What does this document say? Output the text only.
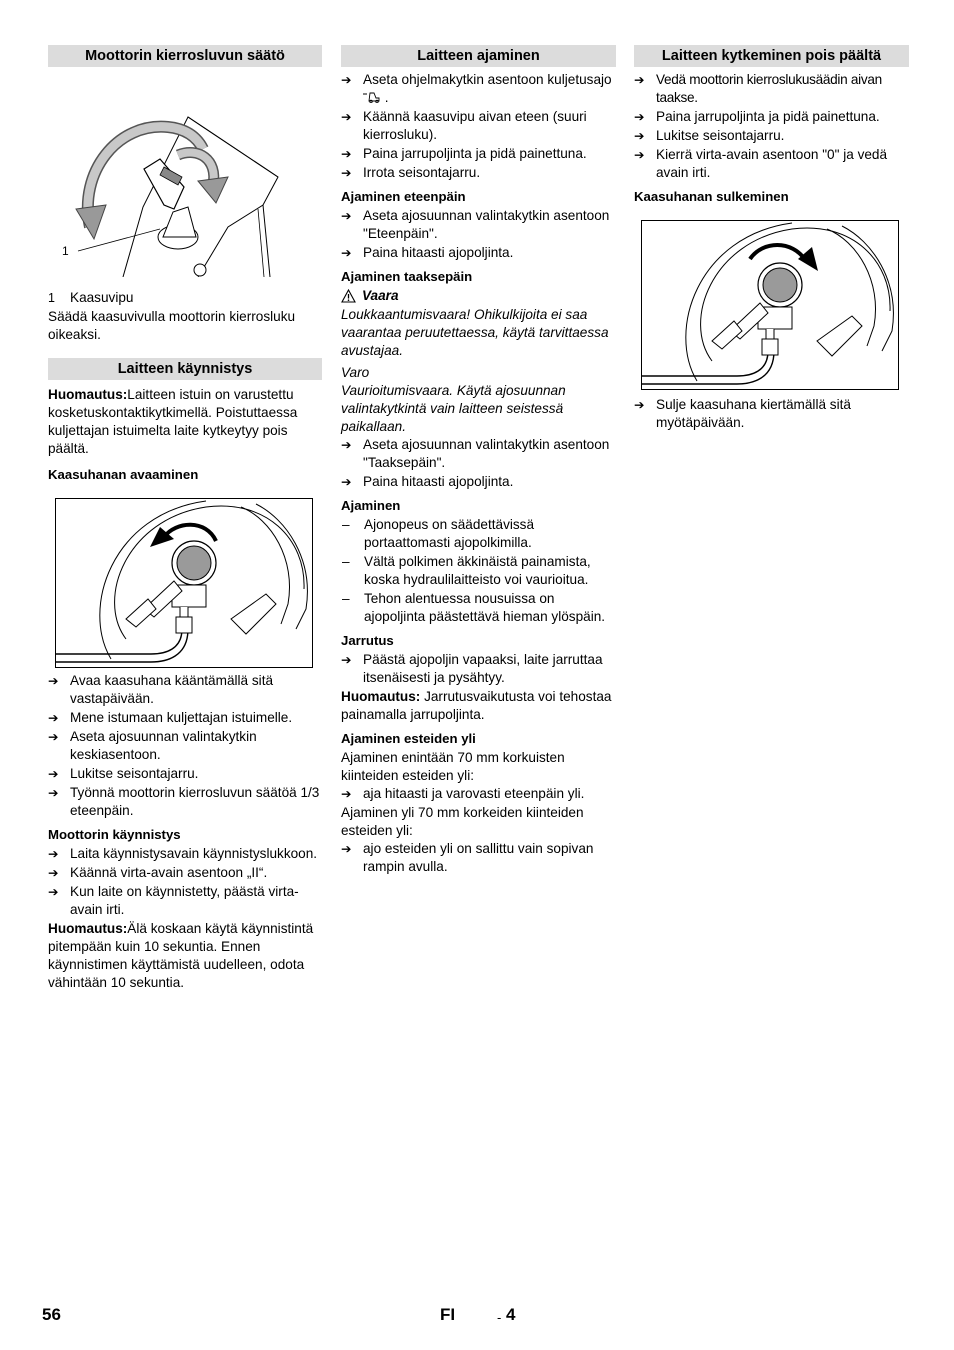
Moottorin kierrosluvun säätö
1
1	Kaasuvipu

Säädä kaasuvivulla moottorin kierrosluku oikeaksi.

Laitteen käynnistys

Huomautus:Laitteen istuin on varustettu kosketuskontaktikytkimellä. Poistuttaessa kuljettajan istuimelta laite kytkeytyy pois päältä.

Kaasuhanan avaaminen
➔ Avaa kaasuhana kääntämällä sitä vastapäivään.
➔ Mene istumaan kuljettajan istuimelle.
➔ Aseta ajosuunnan valintakytkin keskiasentoon.
➔ Lukitse seisontajarru.
➔ Työnnä moottorin kierrosluvun säätöä 1/3 eteenpäin.
Moottorin käynnistys
➔ Laita käynnistysavain käynnistyslukkoon.
➔ Käännä virta-avain asentoon „II“.
➔ Kun laite on käynnistetty, päästä virta-avain irti.

Huomautus:Älä koskaan käytä käynnistintä pitempään kuin 10 sekuntia. Ennen käynnistimen käyttämistä uudelleen, odota vähintään 10 sekuntia.

Laitteen ajaminen
➔ Aseta ohjelmakytkin asentoon kuljetusajo  .
➔ Käännä kaasuvipu aivan eteen (suuri kierrosluku).
➔ Paina jarrupoljinta ja pidä painettuna.
➔ Irrota seisontajarru.
Ajaminen eteenpäin
➔ Aseta ajosuunnan valintakytkin asentoon "Eteenpäin".
➔ Paina hitaasti ajopoljinta.
Ajaminen taaksepäin
Vaara

Loukkaantumisvaara! Ohikulkijoita ei saa vaarantaa peruutettaessa, käytä tarvittaessa avustajaa.

Varo

Vaurioitumisvaara. Käytä ajosuunnan valintakytkintä vain laitteen seistessä paikallaan.

➔ Aseta ajosuunnan valintakytkin asentoon "Taaksepäin".
➔ Paina hitaasti ajopoljinta.
Ajaminen
–	Ajonopeus on säädettävissä portaattomasti ajopolkimilla.
–	Vältä polkimen äkkinäistä painamista, koska hydraulilaitteisto voi vaurioitua.
–	Tehon alentuessa nousuissa on ajopoljinta päästettävä hieman ylöspäin.
Jarrutus
➔ Päästä ajopoljin vapaaksi, laite jarruttaa itsenäisesti ja pysähtyy.

Huomautus: Jarrutusvaikutusta voi tehostaa painamalla jarrupoljinta.

Ajaminen esteiden yli

Ajaminen enintään 70 mm korkuisten kiinteiden esteiden yli:

➔ aja hitaasti ja varovasti eteenpäin yli.

Ajaminen yli 70 mm korkeiden kiinteiden esteiden yli:

➔ ajo esteiden yli on sallittu vain sopivan rampin avulla.
Laitteen kytkeminen pois päältä
➔ Vedä moottorin kierroslukusäädin aivan taakse.
➔ Paina jarrupoljinta ja pidä painettuna.
➔ Lukitse seisontajarru.
➔ Kierrä virta-avain asentoon "0" ja vedä avain irti.
Kaasuhanan sulkeminen
➔ Sulje kaasuhana kiertämällä sitä myötäpäivään.
56	FI	- 4
